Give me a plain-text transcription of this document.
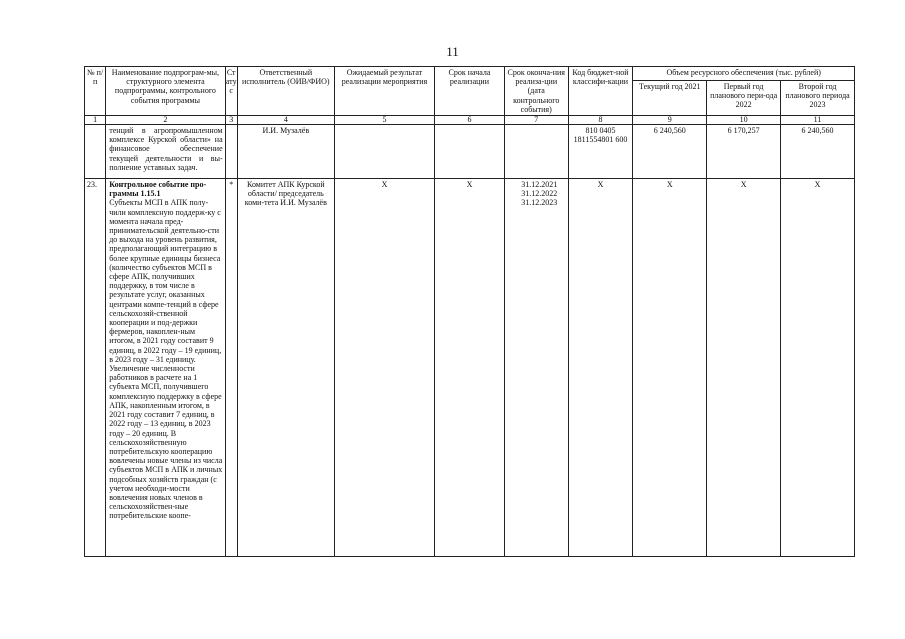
11
№ п/п	Наименование подпрограм-мы, структурного элемента подпрограммы, контрольного события программы	Статус	Ответственный исполнитель (ОИВ/ФИО)	Ожидаемый результат реализации мероприятия	Срок начала реализации	Срок оконча-ния реализа-ции (дата контрольного события)	Код бюджет-ной классифи-кации	Объем ресурсного обеспечения (тыс. рублей)		
								Текущий год 2021	Первый год планового пери-ода 2022	Второй год планового периода 2023
1	2	3	4	5	6	7	8	9	10	11
	тенций в агропромышленном комплексе Курской области» на финансовое обеспечение текущей деятельности и вы-полнение уставных задач.		И.И. Музалёв				810 0405 1811554801 600	6 240,560	6 170,257	6 240,560
23.	Контрольное событие про-граммы 1.15.1
Субъекты МСП в АПК полу-чили комплексную поддерж-ку с момента начала пред-принимательской деятельно-сти до выхода на уровень развития, предполагающий интеграцию в более крупные единицы бизнеса (количество субъектов МСП в сфере АПК, получивших поддержку, в том числе в результате услуг, оказанных центрами компе-тенций в сфере сельскохозяй-ственной кооперации и под-держки фермеров, накоплен-ным итогом, в 2021 году составит 9 единиц, в 2022 году – 19 единиц, в 2023 году – 31 единицу. Увеличение численности работников в расчете на 1 субъекта МСП, получившего комплексную поддержку в сфере АПК, накопленным итогом, в 2021 году составит 7 единиц, в 2022 году – 13 единиц, в 2023 году – 20 единиц. В сельскохозяйственную потребительскую кооперацию вовлечены новые члены из числа субъектов МСП в АПК и личных подсобных хозяйств граждан (с учетом необходи-мости вовлечения новых членов в сельскохозяйствен-ные потребительские коопе-	*	Комитет АПК Курской области/ председатель коми-тета И.И. Музалёв	Х	Х	31.12.2021 31.12.2022 31.12.2023	Х	Х	Х	Х
